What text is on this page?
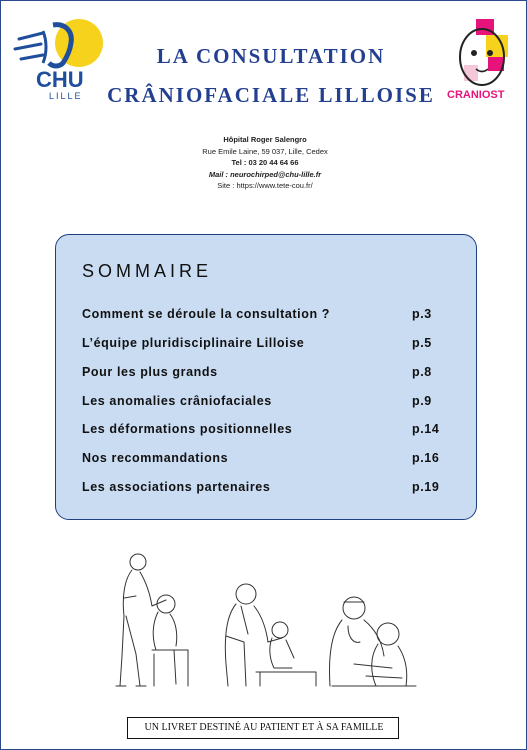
CHU
LILLE
LA CONSULTATION
CRÂNIOFACIALE LILLOISE	CRANIOST
Hôpital Roger Salengro
Rue Emile Laine, 59 037, Lille, Cedex
Tel : 03 20 44 64 66
Mail : neurochirped@chu-lille.fr
Site : https://www.tete-cou.fr/
SOMMAIRE
Comment se déroule la consultation ?	p.3
L’équipe pluridisciplinaire Lilloise	p.5
Pour les plus grands	p.8
Les anomalies crâniofaciales	p.9
Les déformations positionnelles	p.14
Nos recommandations	p.16
Les associations partenaires	p.19
UN LIVRET DESTINÉ AU PATIENT ET À SA FAMILLE
